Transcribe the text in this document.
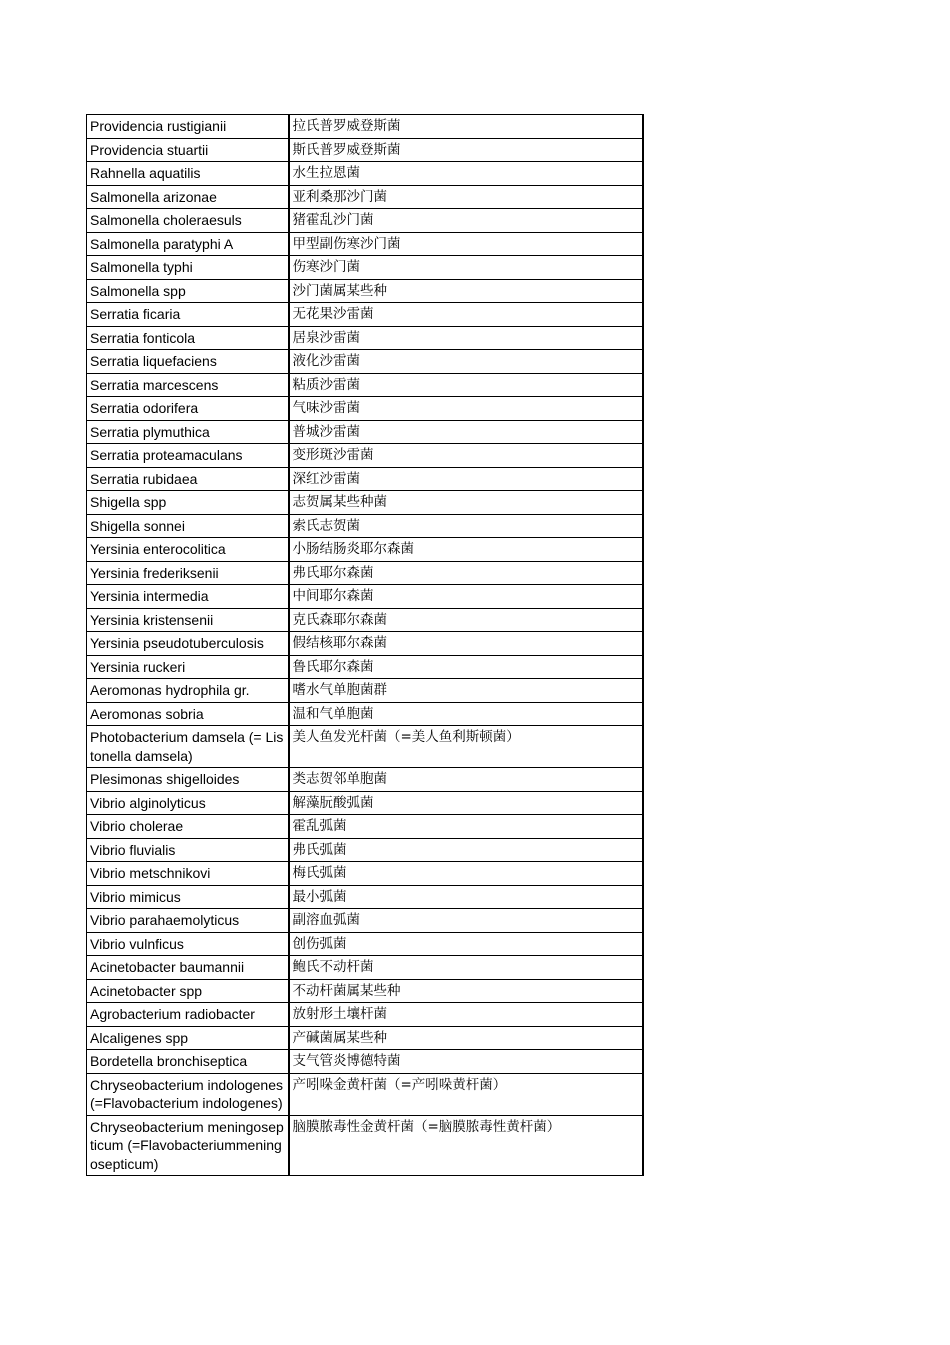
Providencia rustigianii	拉氏普罗威登斯菌
Providencia stuartii	斯氏普罗威登斯菌
Rahnella aquatilis	水生拉恩菌
Salmonella arizonae	亚利桑那沙门菌
Salmonella choleraesuls	猪霍乱沙门菌
Salmonella paratyphi A	甲型副伤寒沙门菌
Salmonella typhi	伤寒沙门菌
Salmonella spp	沙门菌属某些种
Serratia ficaria	无花果沙雷菌
Serratia fonticola	居泉沙雷菌
Serratia liquefaciens	液化沙雷菌
Serratia marcescens	粘质沙雷菌
Serratia odorifera	气味沙雷菌
Serratia plymuthica	普城沙雷菌
Serratia proteamaculans	变形斑沙雷菌
Serratia rubidaea	深红沙雷菌
Shigella spp	志贺属某些种菌
Shigella sonnei	索氏志贺菌
Yersinia enterocolitica	小肠结肠炎耶尔森菌
Yersinia frederiksenii	弗氏耶尔森菌
Yersinia intermedia	中间耶尔森菌
Yersinia kristensenii	克氏森耶尔森菌
Yersinia pseudotuberculosis	假结核耶尔森菌
Yersinia ruckeri	鲁氏耶尔森菌
Aeromonas hydrophila gr.	嗜水气单胞菌群
Aeromonas sobria	温和气单胞菌
Photobacterium damsela (= Listonella damsela)	美人鱼发光杆菌（=美人鱼利斯顿菌）
Plesimonas shigelloides	类志贺邻单胞菌
Vibrio alginolyticus	解藻朊酸弧菌
Vibrio cholerae	霍乱弧菌
Vibrio fluvialis	弗氏弧菌
Vibrio metschnikovi	梅氏弧菌
Vibrio mimicus	最小弧菌
Vibrio parahaemolyticus	副溶血弧菌
Vibrio vulnficus	创伤弧菌
Acinetobacter baumannii	鲍氏不动杆菌
Acinetobacter spp	不动杆菌属某些种
Agrobacterium radiobacter	放射形土壤杆菌
Alcaligenes spp	产碱菌属某些种
Bordetella bronchiseptica	支气管炎博德特菌
Chryseobacterium indologenes (=Flavobacterium indologenes)	产吲哚金黄杆菌（=产吲哚黄杆菌）
Chryseobacterium meningosepticum (=Flavobacteriummeningosepticum)	脑膜脓毒性金黄杆菌（=脑膜脓毒性黄杆菌）
